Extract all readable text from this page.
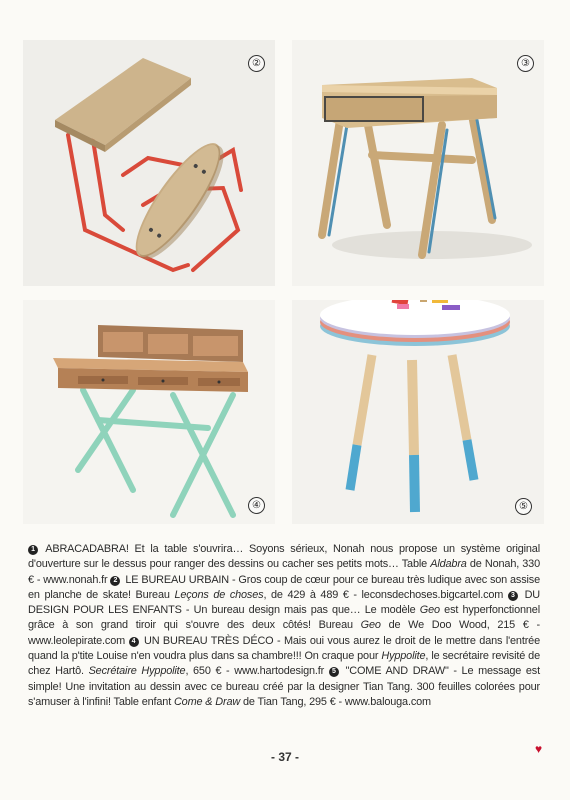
②	③
④	⑤

1 ABRACADABRA! Et la table s'ouvrira… Soyons sérieux, Nonah nous propose un système original d'ouverture sur le dessus pour ranger des dessins ou cacher ses petits mots… Table Aldabra de Nonah, 330 € - www.nonah.fr 2 LE BUREAU URBAIN - Gros coup de cœur pour ce bureau très ludique avec son assise en planche de skate! Bureau Leçons de choses, de 429 à 489 € - leconsdechoses.bigcartel.com 3 DU DESIGN POUR LES ENFANTS - Un bureau design mais pas que… Le modèle Geo est hyperfonctionnel grâce à son grand tiroir qui s'ouvre des deux côtés! Bureau Geo de We Doo Wood, 215 € - www.leolepirate.com 4 UN BUREAU TRÈS DÉCO - Mais oui vous aurez le droit de le mettre dans l'entrée quand la p'tite Louise n'en voudra plus dans sa chambre!!! On craque pour Hyppolite, le secrétaire revisité de chez Hartô. Secrétaire Hyppolite, 650 € - www.hartodesign.fr 5 "COME AND DRAW" - Le message est simple! Une invitation au dessin avec ce bureau créé par la designer Tian Tang. 300 feuilles colorées pour s'amuser à l'infini! Table enfant Come & Draw de Tian Tang, 295 € - www.balouga.com

- 37 -
♥
